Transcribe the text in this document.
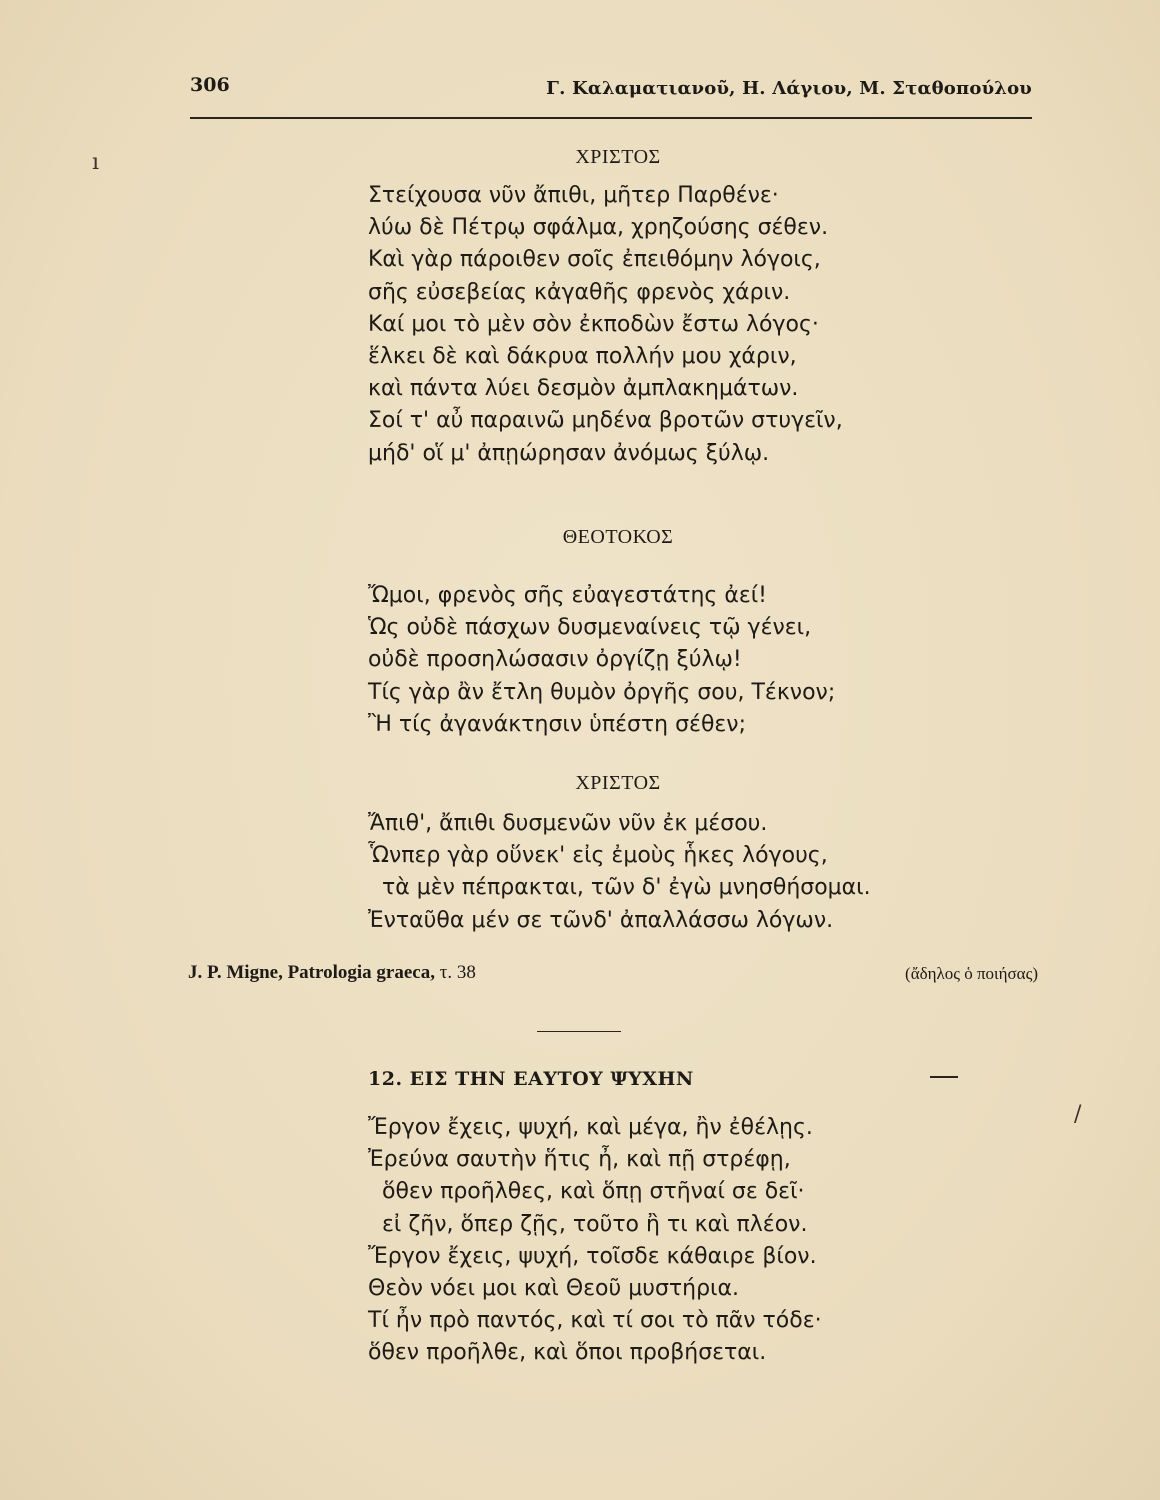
306	Γ. Καλαματιανοῦ, Η. Λάγιου, Μ. Σταθοπούλου
ı	ΧΡΙΣΤΟΣ
Στείχουσα νῦν ἄπιθι, μῆτερ Παρθένε·
λύω δὲ Πέτρῳ σφάλμα, χρηζούσης σέθεν.
Καὶ γὰρ πάροιθεν σοῖς ἐπειθόμην λόγοις,
σῆς εὐσεβείας κἀγαθῆς φρενὸς χάριν.
Καί μοι τὸ μὲν σὸν ἐκποδὼν ἔστω λόγος·
ἕλκει δὲ καὶ δάκρυα πολλήν μου χάριν,
καὶ πάντα λύει δεσμὸν ἀμπλακημάτων.
Σοί τ' αὖ παραινῶ μηδένα βροτῶν στυγεῖν,
μήδ' οἵ μ' ἀπῃώρησαν ἀνόμως ξύλῳ.
ΘΕΟΤΟΚΟΣ
Ὤμοι, φρενὸς σῆς εὐαγεστάτης ἀεί!
Ὡς οὐδὲ πάσχων δυσμεναίνεις τῷ γένει,
οὐδὲ προσηλώσασιν ὀργίζῃ ξύλῳ!
Τίς γὰρ ἂν ἔτλη θυμὸν ὀργῆς σου, Τέκνον;
Ἢ τίς ἀγανάκτησιν ὑπέστη σέθεν;
ΧΡΙΣΤΟΣ
Ἄπιθ', ἄπιθι δυσμενῶν νῦν ἐκ μέσου.
Ὧνπερ γὰρ οὕνεκ' εἰς ἐμοὺς ἧκες λόγους,
τὰ μὲν πέπρακται, τῶν δ' ἐγὼ μνησθήσομαι.
Ἐνταῦθα μέν σε τῶνδ' ἀπαλλάσσω λόγων.
J. P. Migne, Patrologia graeca, τ. 38	(ἄδηλος ὁ ποιήσας)
12. ΕΙΣ ΤΗΝ ΕΑΥΤΟΥ ΨΥΧΗΝ
/
Ἔργον ἔχεις, ψυχή, καὶ μέγα, ἢν ἐθέλῃς.
Ἐρεύνα σαυτὴν ἥτις ἦ, καὶ πῇ στρέφῃ,
ὅθεν προῆλθες, καὶ ὅπῃ στῆναί σε δεῖ·
εἰ ζῆν, ὅπερ ζῇς, τοῦτο ἢ τι καὶ πλέον.
Ἔργον ἔχεις, ψυχή, τοῖσδε κάθαιρε βίον.
Θεὸν νόει μοι καὶ Θεοῦ μυστήρια.
Τί ἦν πρὸ παντός, καὶ τί σοι τὸ πᾶν τόδε·
ὅθεν προῆλθε, καὶ ὅποι προβήσεται.
